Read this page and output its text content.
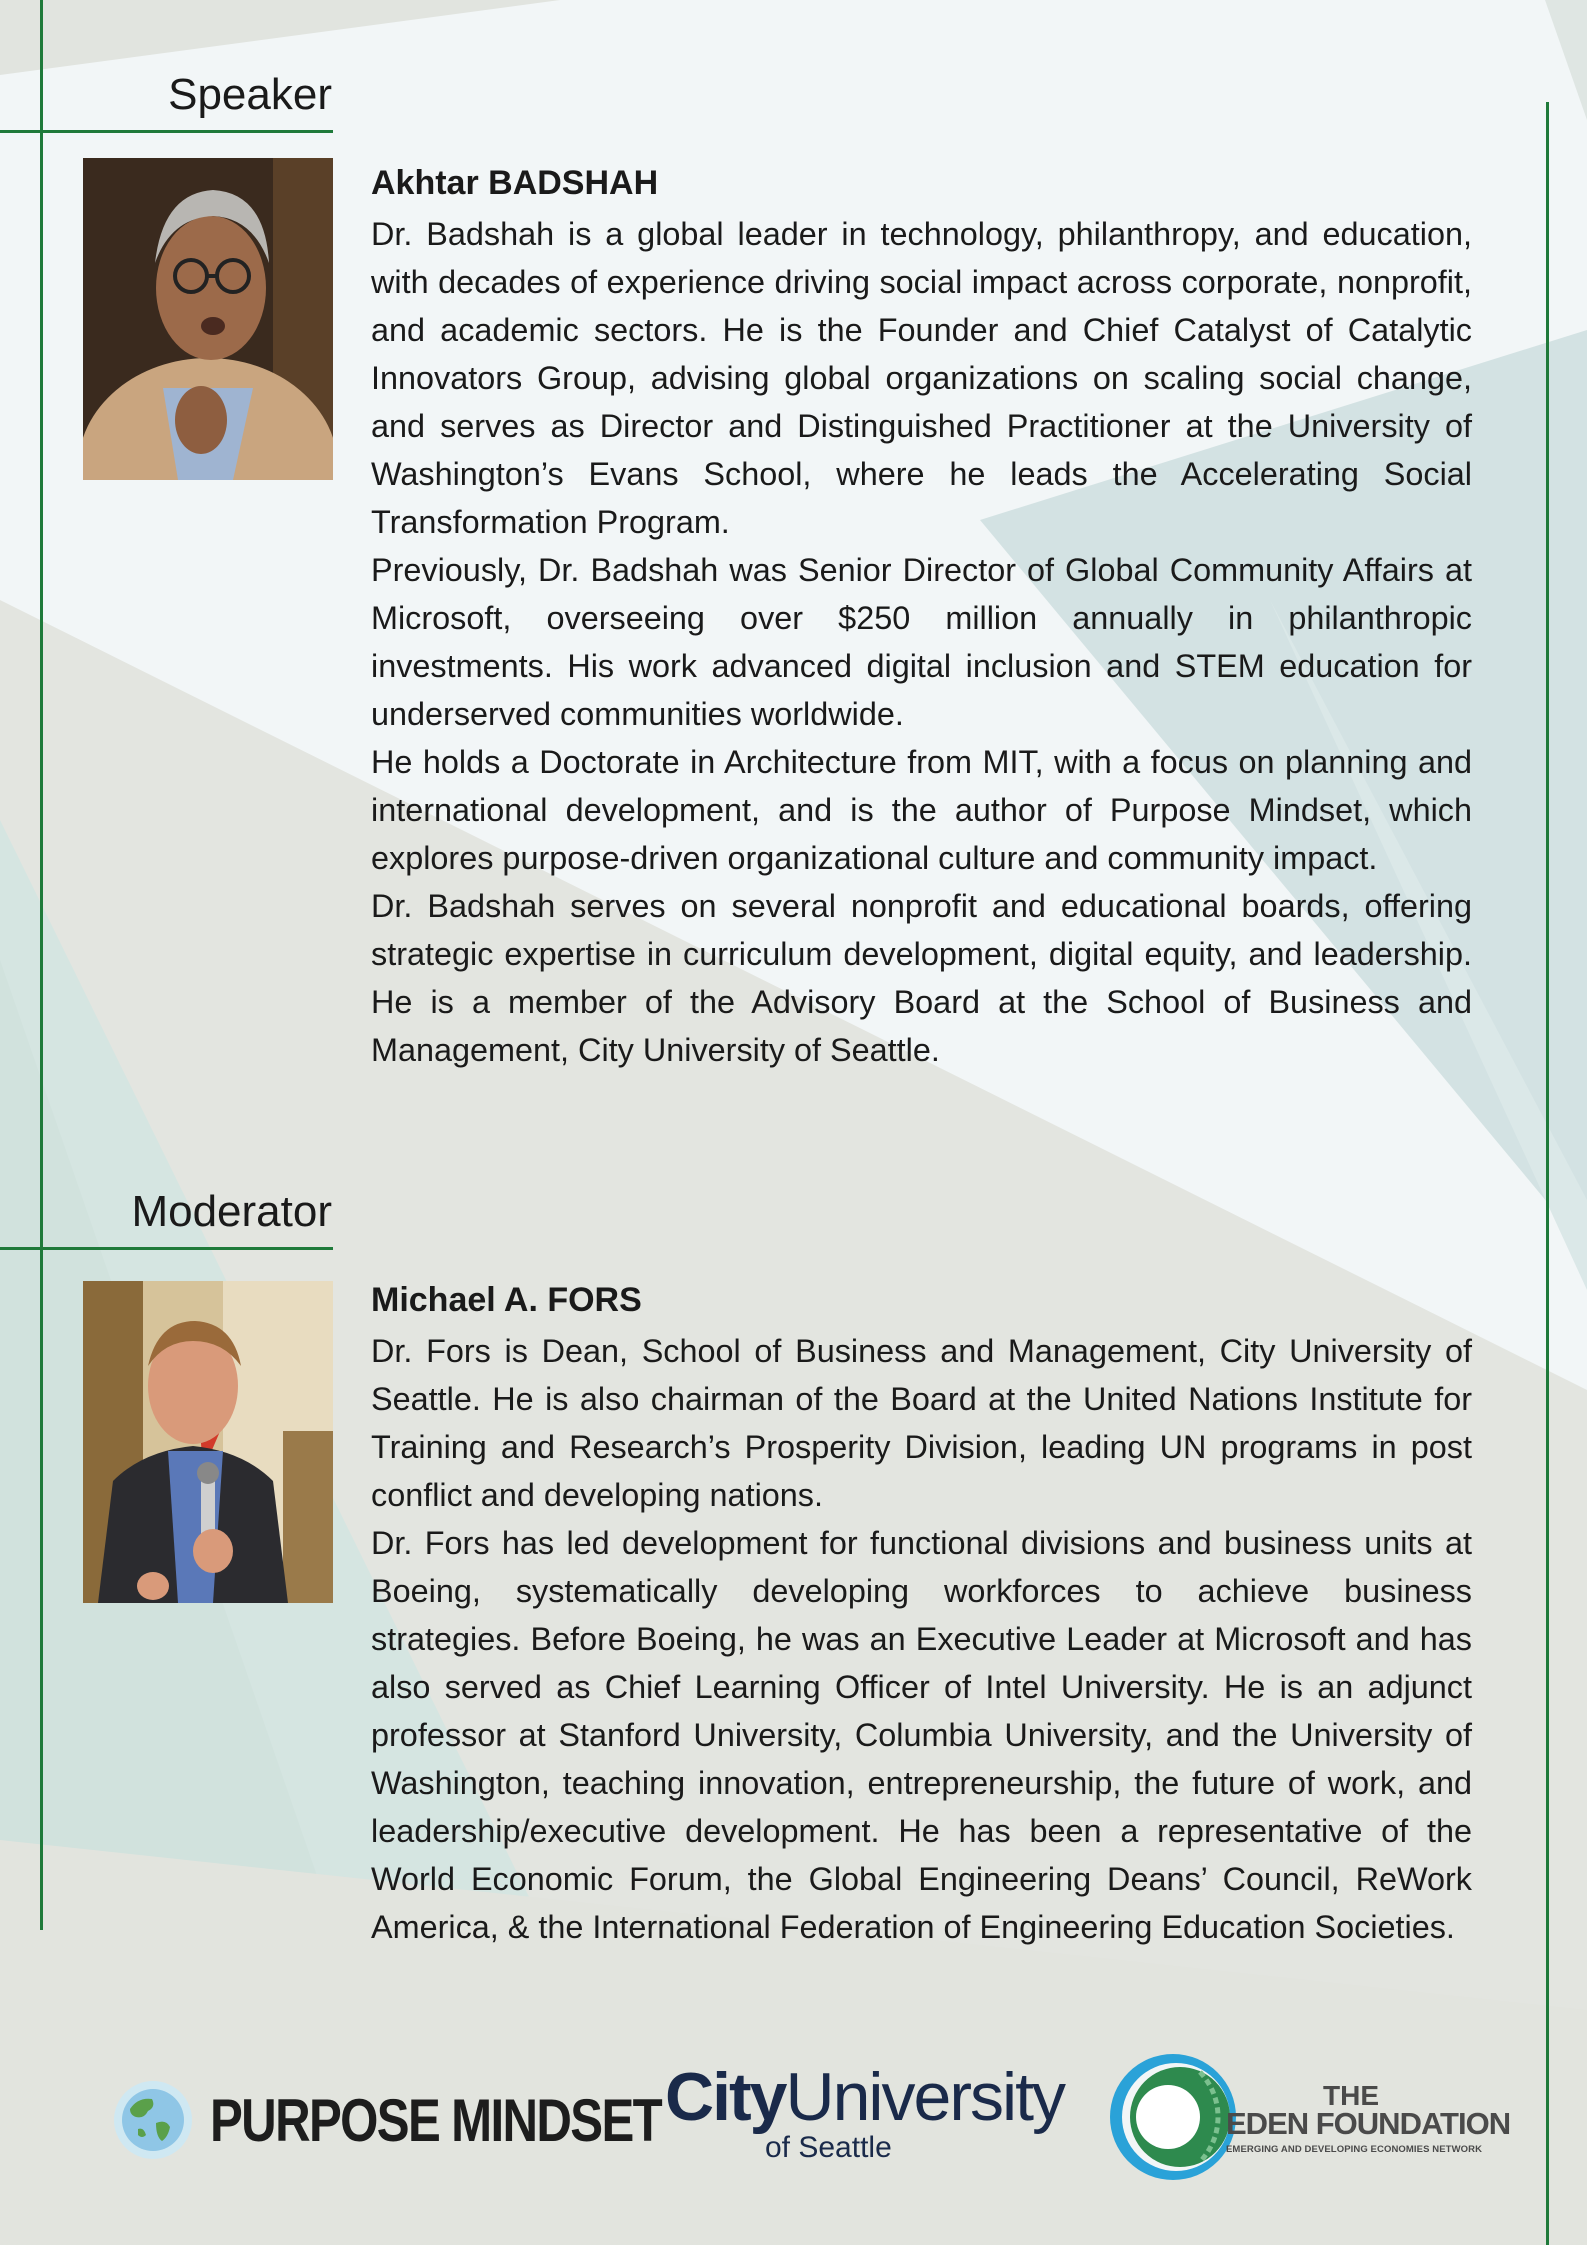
Speaker
Akhtar BADSHAH

Dr. Badshah is a global leader in technology, philanthropy, and education, with decades of experience driving social impact across corporate, nonprofit, and academic sectors. He is the Founder and Chief Catalyst of Catalytic Innovators Group, advising global organizations on scaling social change, and serves as Director and Distinguished Practitioner at the University of Washington’s Evans School, where he leads the Accelerating Social Transformation Program.

Previously, Dr. Badshah was Senior Director of Global Community Affairs at Microsoft, overseeing over $250 million annually in philanthropic investments. His work advanced digital inclusion and STEM education for underserved communities worldwide.

He holds a Doctorate in Architecture from MIT, with a focus on planning and international development, and is the author of Purpose Mindset, which explores purpose-driven organizational culture and community impact.

Dr. Badshah serves on several nonprofit and educational boards, offering strategic expertise in curriculum development, digital equity, and leadership. He is a member of the Advisory Board at the School of Business and Management, City University of Seattle.

Moderator
Michael A. FORS

Dr. Fors is Dean, School of Business and Management, City University of Seattle. He is also chairman of the Board at the United Nations Institute for Training and Research’s Prosperity Division, leading UN programs in post conflict and developing nations.

Dr. Fors has led development for functional divisions and business units at Boeing, systematically developing workforces to achieve business strategies. Before Boeing, he was an Executive Leader at Microsoft and has also served as Chief Learning Officer of Intel University. He is an adjunct professor at Stanford University, Columbia University, and the University of Washington, teaching innovation, entrepreneurship, the future of work, and leadership/executive development. He has been a representative of the World Economic Forum, the Global Engineering Deans’ Council, ReWork America, & the International Federation of Engineering Education Societies.

PURPOSE MINDSET CityUniversity
of Seattle
THE
EDEN FOUNDATION
EMERGING AND DEVELOPING ECONOMIES NETWORK
